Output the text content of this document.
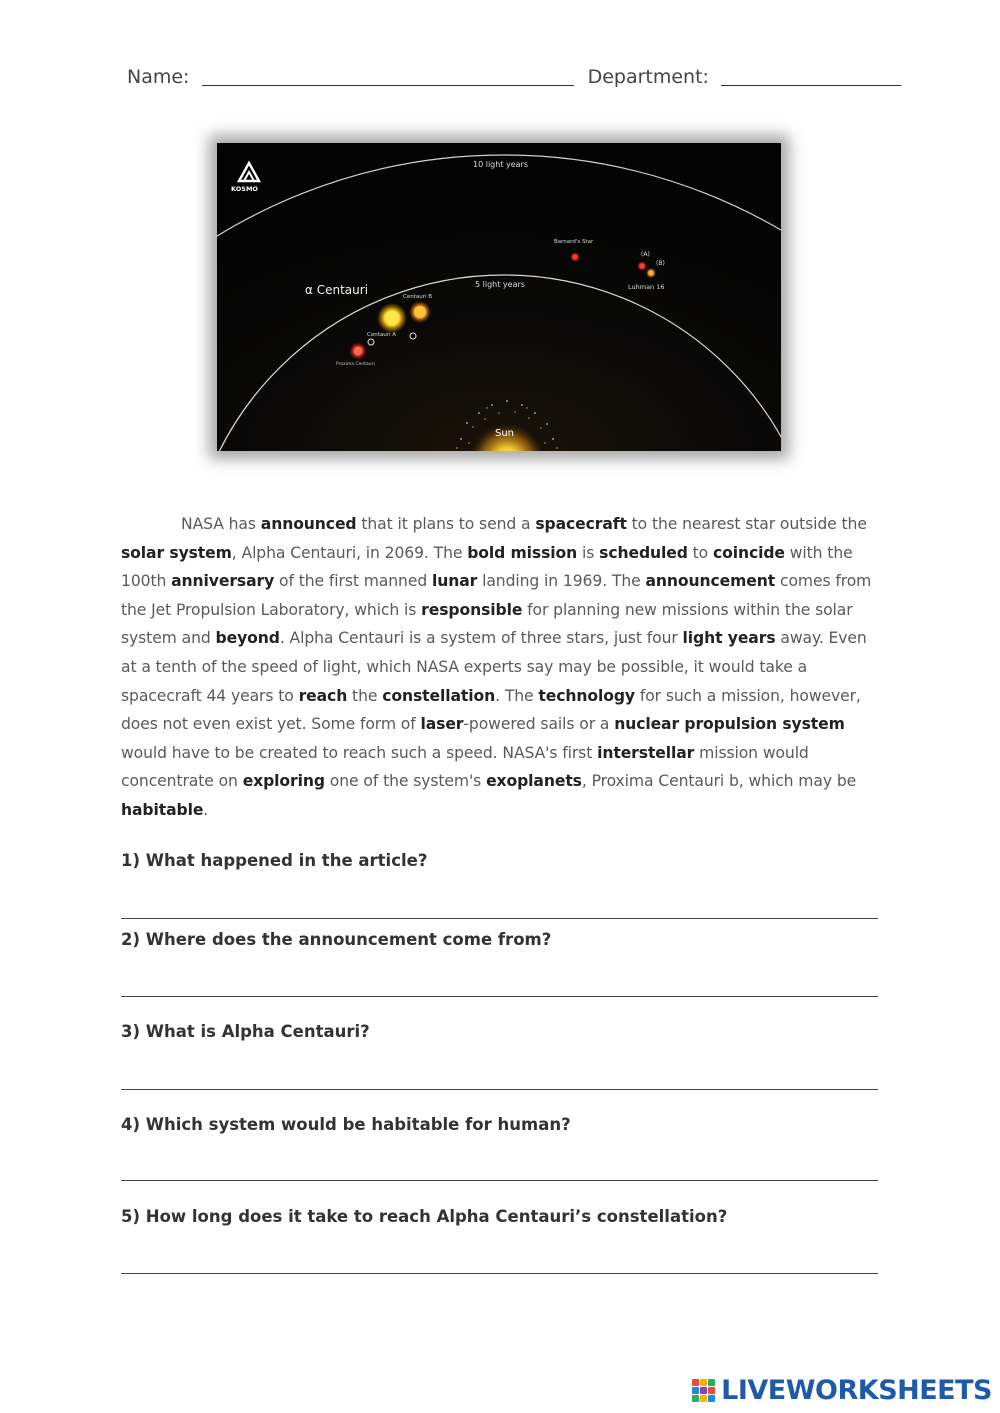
Name:	Department:
KOSMO
10 light years
5 light years
α Centauri	Centauri B
Centauri A
Proxima Centauri
Barnard's Star
(A)
(B)
Luhman 16
Sun

NASA has announced that it plans to send a spacecraft to the nearest star outside the solar system, Alpha Centauri, in 2069. The bold mission is scheduled to coincide with the 100th anniversary of the first manned lunar landing in 1969. The announcement comes from the Jet Propulsion Laboratory, which is responsible for planning new missions within the solar system and beyond. Alpha Centauri is a system of three stars, just four light years away. Even at a tenth of the speed of light, which NASA experts say may be possible, it would take a spacecraft 44 years to reach the constellation. The technology for such a mission, however, does not even exist yet. Some form of laser-powered sails or a nuclear propulsion system would have to be created to reach such a speed. NASA's first interstellar mission would concentrate on exploring one of the system's exoplanets, Proxima Centauri b, which may be habitable.

1) What happened in the article?
2) Where does the announcement come from?
3) What is Alpha Centauri?
4) Which system would be habitable for human?
5) How long does it take to reach Alpha Centauri’s constellation?
LIVEWORKSHEETS
